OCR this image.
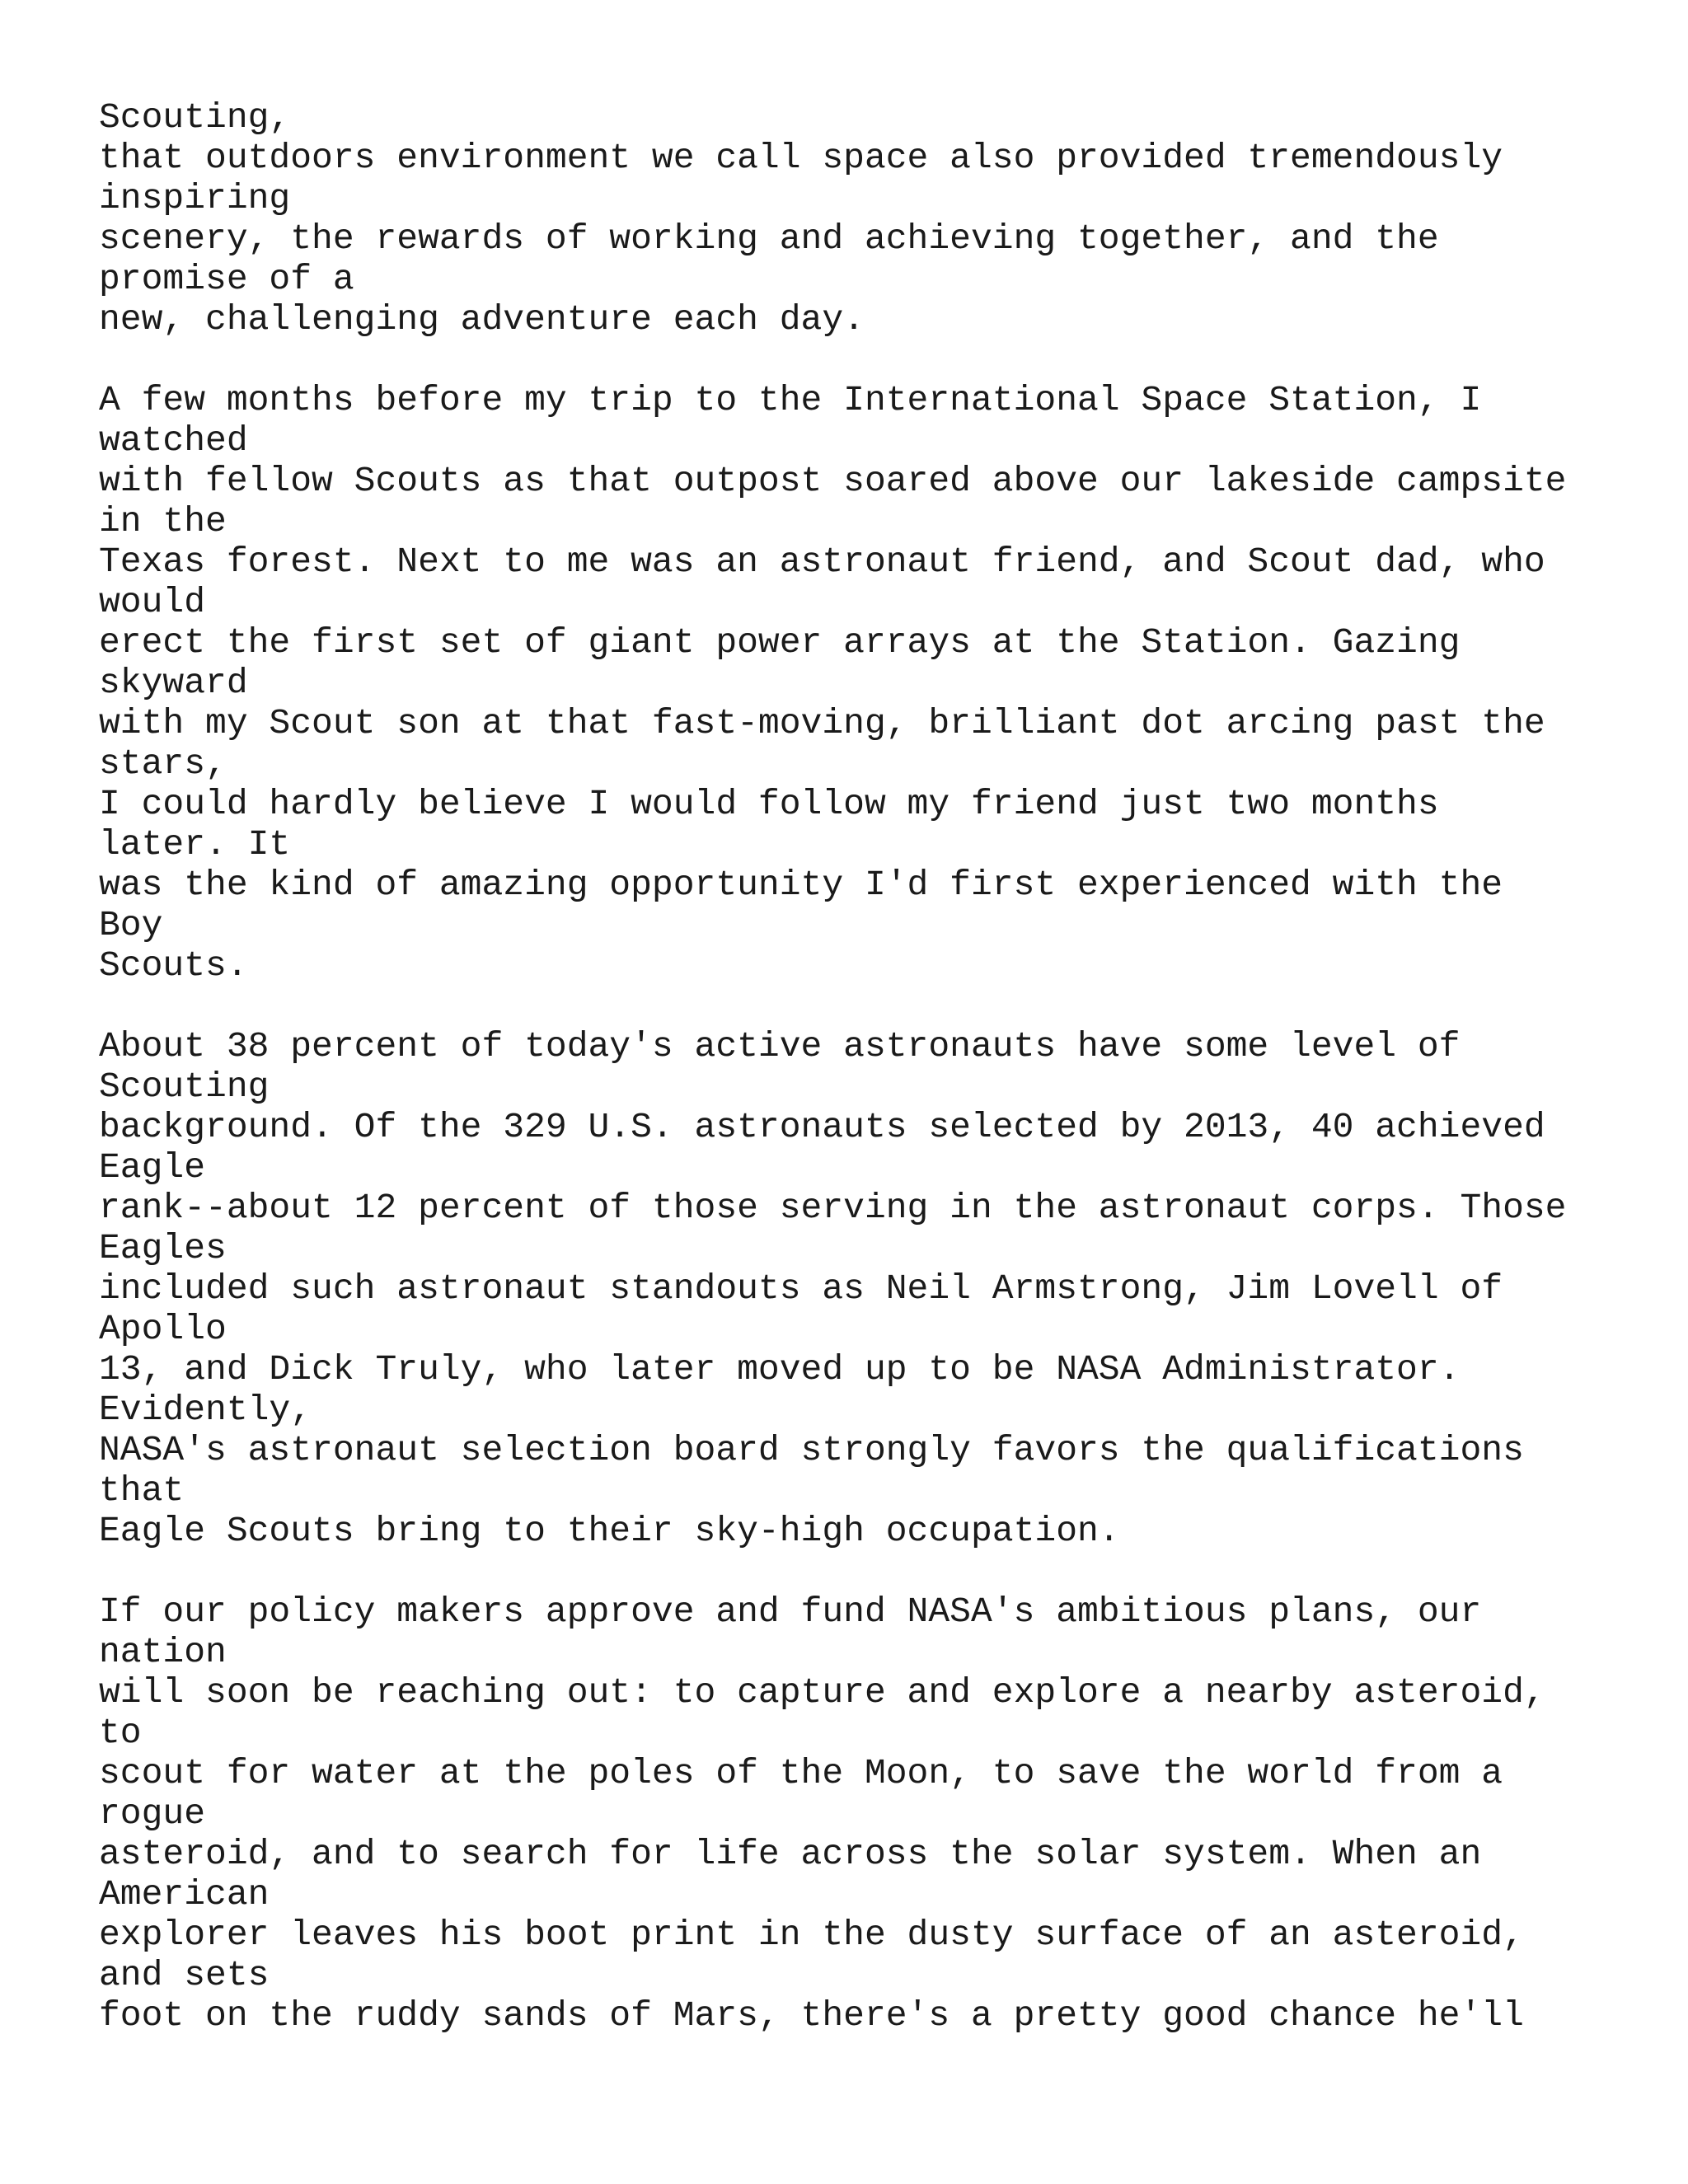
Scouting,
that outdoors environment we call space also provided tremendously
inspiring
scenery, the rewards of working and achieving together, and the
promise of a
new, challenging adventure each day.
A few months before my trip to the International Space Station, I
watched
with fellow Scouts as that outpost soared above our lakeside campsite
in the
Texas forest. Next to me was an astronaut friend, and Scout dad, who
would
erect the first set of giant power arrays at the Station. Gazing
skyward
with my Scout son at that fast-moving, brilliant dot arcing past the
stars,
I could hardly believe I would follow my friend just two months
later. It
was the kind of amazing opportunity I'd first experienced with the
Boy
Scouts.
About 38 percent of today's active astronauts have some level of
Scouting
background. Of the 329 U.S. astronauts selected by 2013, 40 achieved
Eagle
rank--about 12 percent of those serving in the astronaut corps. Those
Eagles
included such astronaut standouts as Neil Armstrong, Jim Lovell of
Apollo
13, and Dick Truly, who later moved up to be NASA Administrator.
Evidently,
NASA's astronaut selection board strongly favors the qualifications
that
Eagle Scouts bring to their sky-high occupation.
If our policy makers approve and fund NASA's ambitious plans, our
nation
will soon be reaching out: to capture and explore a nearby asteroid,
to
scout for water at the poles of the Moon, to save the world from a
rogue
asteroid, and to search for life across the solar system. When an
American
explorer leaves his boot print in the dusty surface of an asteroid,
and sets
foot on the ruddy sands of Mars, there's a pretty good chance he'll
